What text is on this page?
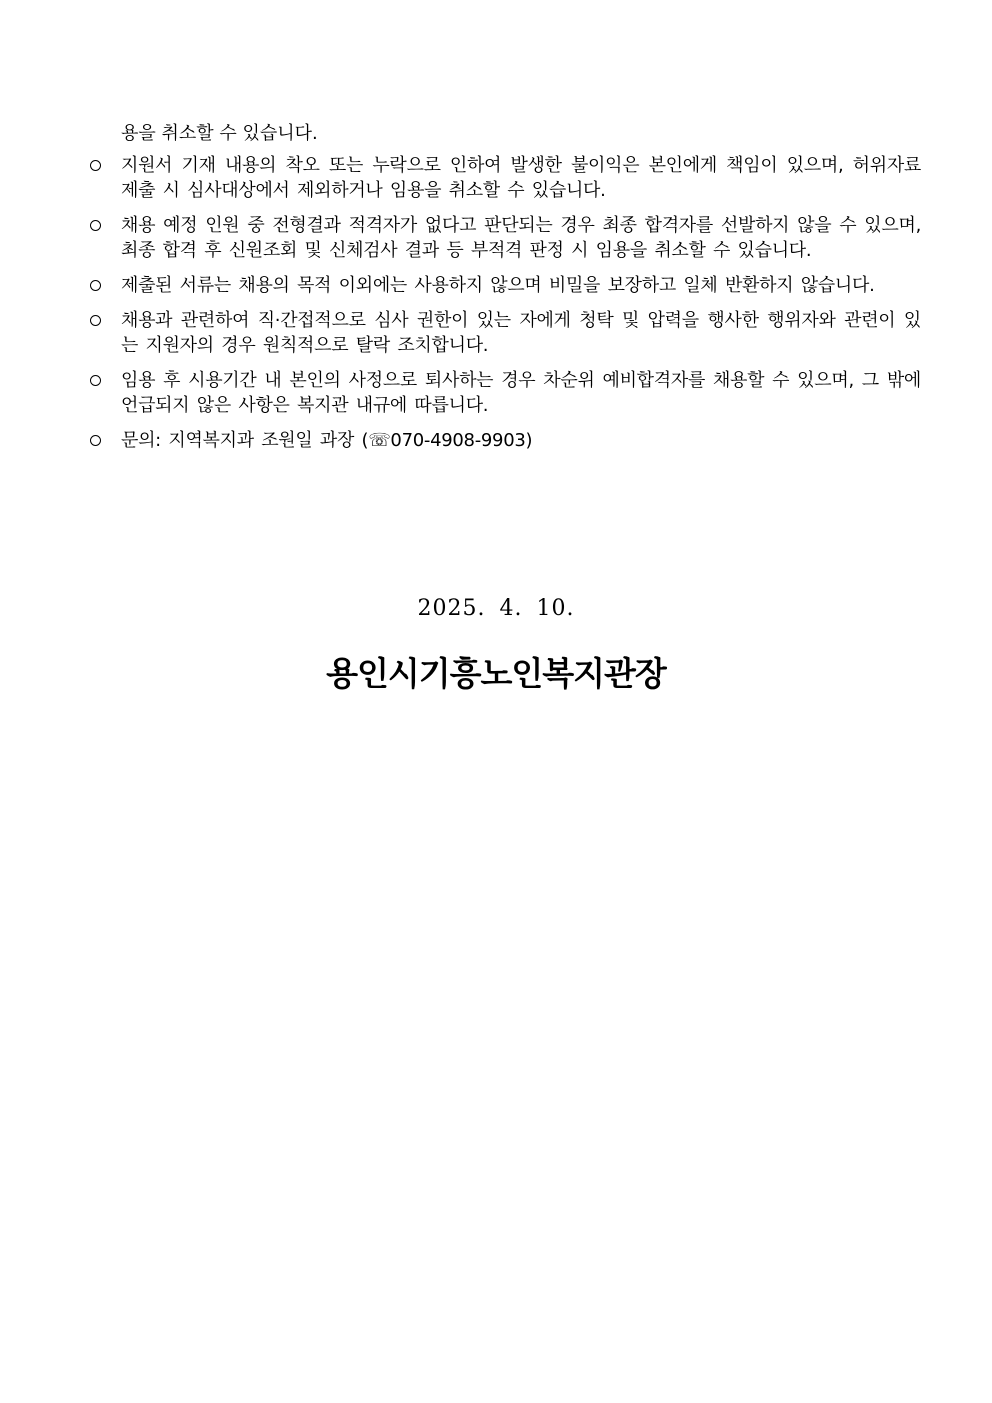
용을 취소할 수 있습니다.
지원서 기재 내용의 착오 또는 누락으로 인하여 발생한 불이익은 본인에게 책임이 있으며, 허위자료 제출 시 심사대상에서 제외하거나 임용을 취소할 수 있습니다.
채용 예정 인원 중 전형결과 적격자가 없다고 판단되는 경우 최종 합격자를 선발하지 않을 수 있으며, 최종 합격 후 신원조회 및 신체검사 결과 등 부적격 판정 시 임용을 취소할 수 있습니다.
제출된 서류는 채용의 목적 이외에는 사용하지 않으며 비밀을 보장하고 일체 반환하지 않습니다.
채용과 관련하여 직·간접적으로 심사 권한이 있는 자에게 청탁 및 압력을 행사한 행위자와 관련이 있는 지원자의 경우 원칙적으로 탈락 조치합니다.
임용 후 시용기간 내 본인의 사정으로 퇴사하는 경우 차순위 예비합격자를 채용할 수 있으며, 그 밖에 언급되지 않은 사항은 복지관 내규에 따릅니다.
문의: 지역복지과 조원일 과장 (☏070-4908-9903)
2025. 4. 10.
용인시기흥노인복지관장
